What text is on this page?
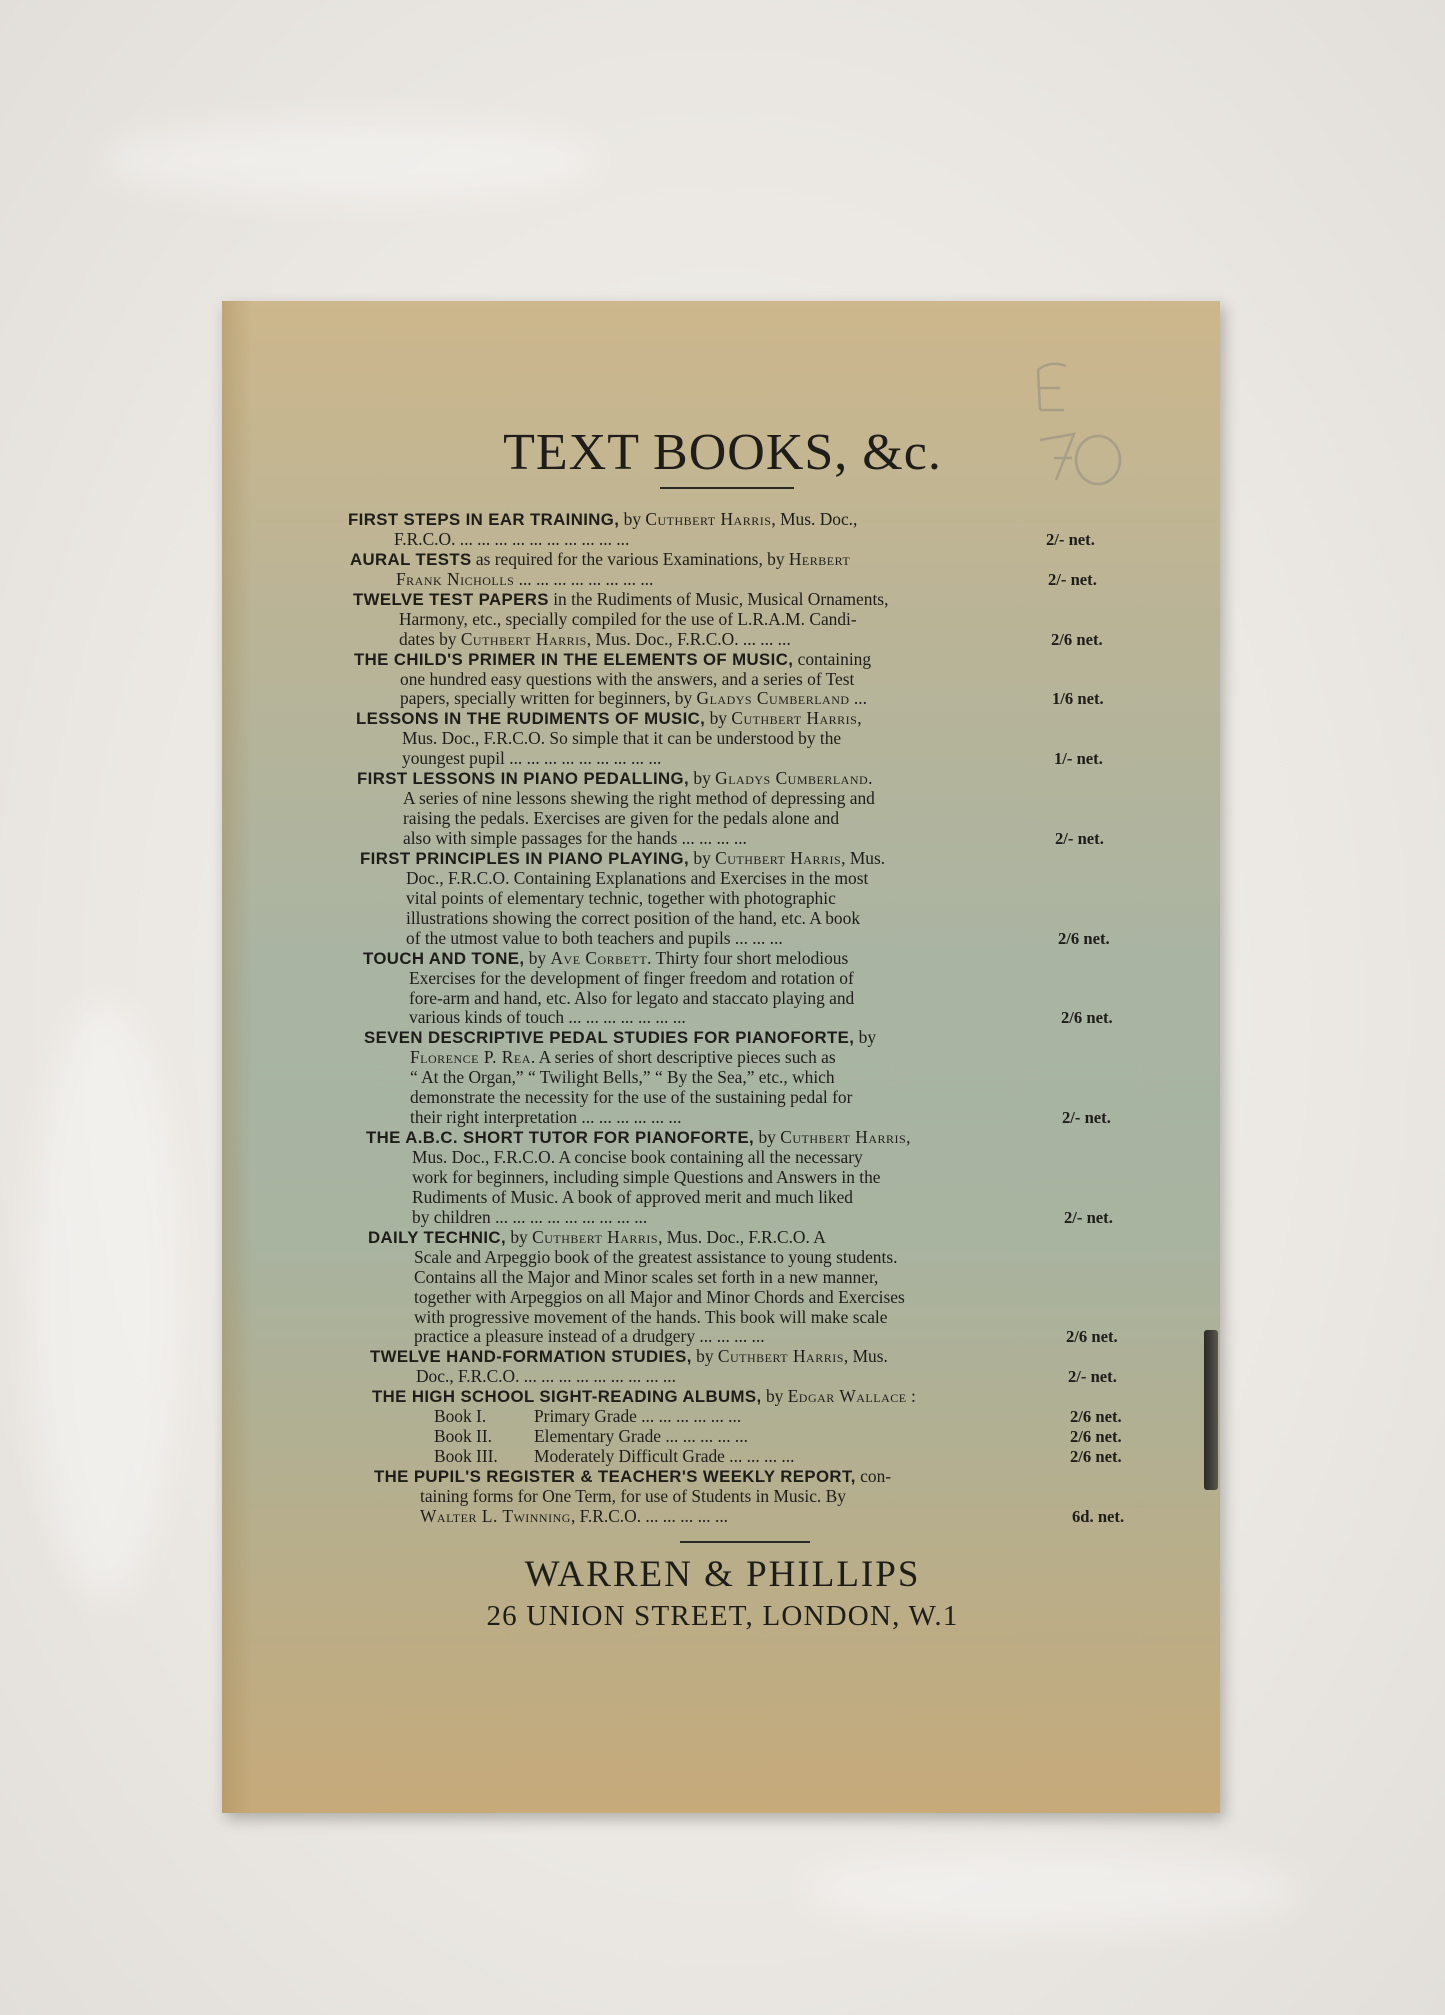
TEXT BOOKS, &c.
FIRST STEPS IN EAR TRAINING, by Cuthbert Harris, Mus. Doc.,
F.R.C.O. ... ... ... ... ... ... ... ... ... ...	2/- net.
AURAL TESTS as required for the various Examinations, by Herbert
Frank Nicholls ... ... ... ... ... ... ... ...	2/- net.
TWELVE TEST PAPERS in the Rudiments of Music, Musical Ornaments,
Harmony, etc., specially compiled for the use of L.R.A.M. Candi-
dates by Cuthbert Harris, Mus. Doc., F.R.C.O. ... ... ...	2/6 net.
THE CHILD'S PRIMER IN THE ELEMENTS OF MUSIC, containing
one hundred easy questions with the answers, and a series of Test
papers, specially written for beginners, by Gladys Cumberland ...	1/6 net.
LESSONS IN THE RUDIMENTS OF MUSIC, by Cuthbert Harris,
Mus. Doc., F.R.C.O. So simple that it can be understood by the
youngest pupil ... ... ... ... ... ... ... ... ...	1/- net.
FIRST LESSONS IN PIANO PEDALLING, by Gladys Cumberland.
A series of nine lessons shewing the right method of depressing and
raising the pedals. Exercises are given for the pedals alone and
also with simple passages for the hands ... ... ... ...	2/- net.
FIRST PRINCIPLES IN PIANO PLAYING, by Cuthbert Harris, Mus.
Doc., F.R.C.O. Containing Explanations and Exercises in the most
vital points of elementary technic, together with photographic
illustrations showing the correct position of the hand, etc. A book
of the utmost value to both teachers and pupils ... ... ...	2/6 net.
TOUCH AND TONE, by Ave Corbett. Thirty four short melodious
Exercises for the development of finger freedom and rotation of
fore-arm and hand, etc. Also for legato and staccato playing and
various kinds of touch ... ... ... ... ... ... ...	2/6 net.
SEVEN DESCRIPTIVE PEDAL STUDIES FOR PIANOFORTE, by
Florence P. Rea. A series of short descriptive pieces such as
“ At the Organ,” “ Twilight Bells,” “ By the Sea,” etc., which
demonstrate the necessity for the use of the sustaining pedal for
their right interpretation ... ... ... ... ... ...	2/- net.
THE A.B.C. SHORT TUTOR FOR PIANOFORTE, by Cuthbert Harris,
Mus. Doc., F.R.C.O. A concise book containing all the necessary
work for beginners, including simple Questions and Answers in the
Rudiments of Music. A book of approved merit and much liked
by children ... ... ... ... ... ... ... ... ...	2/- net.
DAILY TECHNIC, by Cuthbert Harris, Mus. Doc., F.R.C.O. A
Scale and Arpeggio book of the greatest assistance to young students.
Contains all the Major and Minor scales set forth in a new manner,
together with Arpeggios on all Major and Minor Chords and Exercises
with progressive movement of the hands. This book will make scale
practice a pleasure instead of a drudgery ... ... ... ...	2/6 net.
TWELVE HAND-FORMATION STUDIES, by Cuthbert Harris, Mus.
Doc., F.R.C.O. ... ... ... ... ... ... ... ... ...	2/- net.
THE HIGH SCHOOL SIGHT-READING ALBUMS, by Edgar Wallace :
Book I.	Primary Grade ... ... ... ... ... ...	2/6 net.
Book II. Elementary Grade ... ... ... ... ...	2/6 net.
Book III. Moderately Difficult Grade ... ... ... ...	2/6 net.
THE PUPIL'S REGISTER & TEACHER'S WEEKLY REPORT, con-
taining forms for One Term, for use of Students in Music. By
Walter L. Twinning, F.R.C.O. ... ... ... ... ...	6d. net.
WARREN & PHILLIPS
26 UNION STREET, LONDON, W.1
